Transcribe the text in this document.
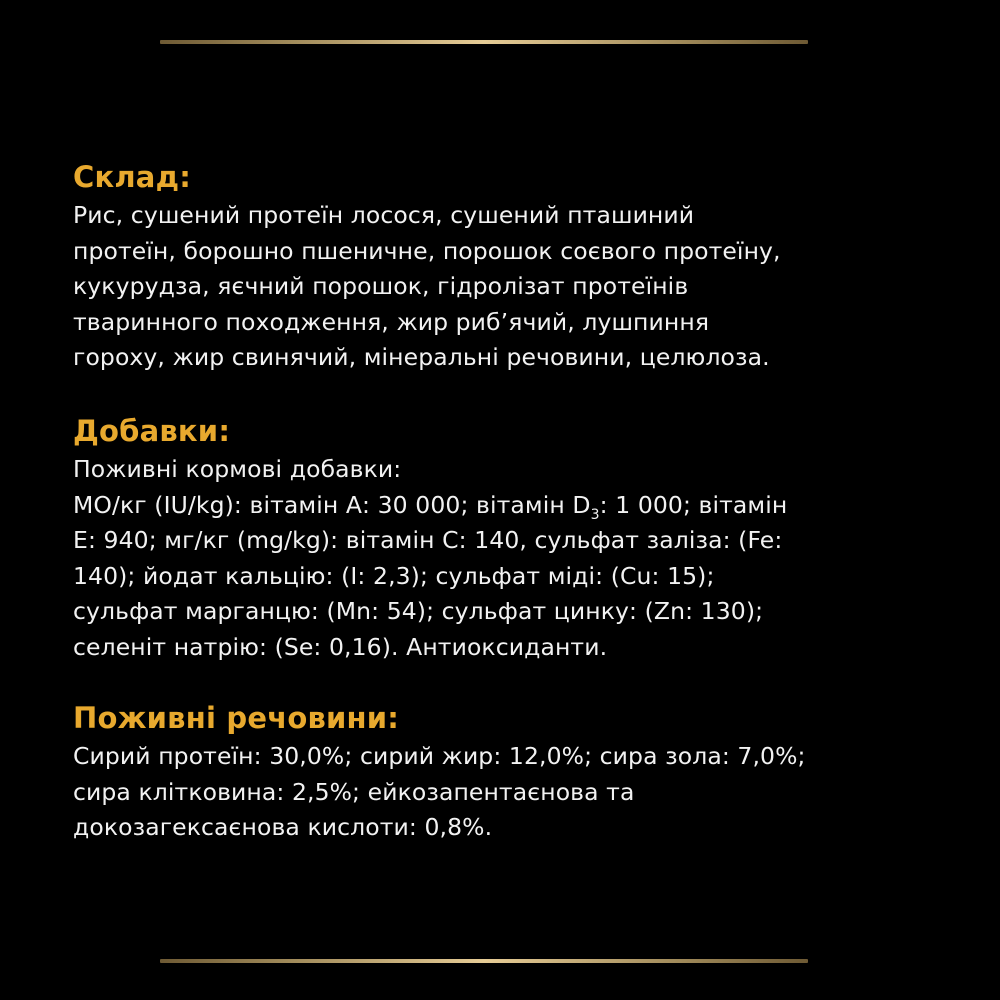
Склад:

Рис, сушений протеїн лосося, сушений пташиний
протеїн, борошно пшеничне, порошок соєвого протеїну,
кукурудза, яєчний порошок, гідролізат протеїнів
тваринного походження, жир риб’ячий, лушпиння
гороху, жир свинячий, мінеральні речовини, целюлоза.

Добавки:

Поживні кормові добавки:
МО/кг (IU/kg): вітамін А: 30 000; вітамін $D_3$: 1 000; вітамін
E: 940; мг/кг (mg/kg): вітамін С: 140, сульфат заліза: (Fe:
140); йодат кальцію: (I: 2,3); сульфат міді: (Cu: 15);
сульфат марганцю: (Mn: 54); сульфат цинку: (Zn: 130);
селеніт натрію: (Se: 0,16). Антиоксиданти.

Поживні речовини:

Сирий протеїн: 30,0%; сирий жир: 12,0%; сира зола: 7,0%;
сира клітковина: 2,5%; ейкозапентаєнова та
докозагексаєнова кислоти: 0,8%.
